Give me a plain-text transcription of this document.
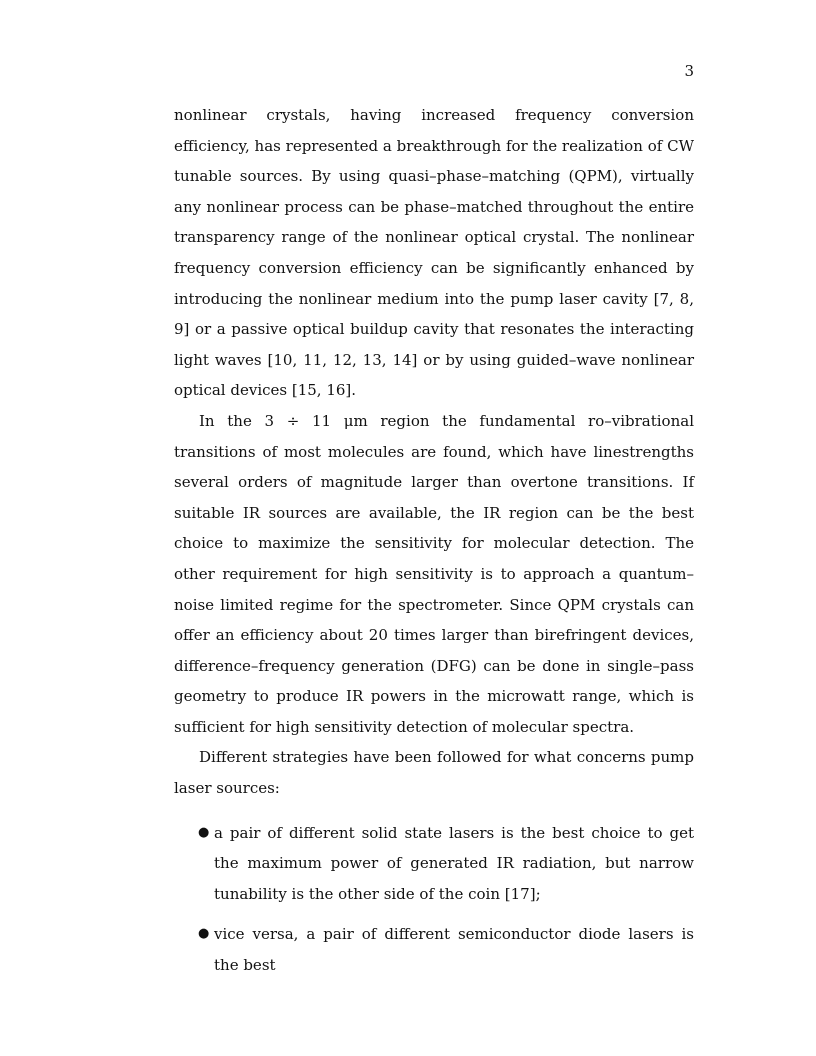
3

nonlinear crystals, having increased frequency conversion efficiency, has represented a breakthrough for the realization of CW tunable sources. By using quasi–phase–matching (QPM), virtually any nonlinear process can be phase–matched throughout the entire transparency range of the nonlinear optical crystal. The nonlinear frequency conversion efficiency can be significantly enhanced by introducing the nonlinear medium into the pump laser cavity [7, 8, 9] or a passive optical buildup cavity that resonates the interacting light waves [10, 11, 12, 13, 14] or by using guided–wave nonlinear optical devices [15, 16].

In the 3 ÷ 11 μm region the fundamental ro–vibrational transitions of most molecules are found, which have linestrengths several orders of magnitude larger than overtone transitions. If suitable IR sources are available, the IR region can be the best choice to maximize the sensitivity for molecular detection. The other requirement for high sensitivity is to approach a quantum–noise limited regime for the spectrometer. Since QPM crystals can offer an efficiency about 20 times larger than birefringent devices, difference–frequency generation (DFG) can be done in single–pass geometry to produce IR powers in the microwatt range, which is sufficient for high sensitivity detection of molecular spectra.

Different strategies have been followed for what concerns pump laser sources:

● a pair of different solid state lasers is the best choice to get the maximum power of generated IR radiation, but narrow tunability is the other side of the coin [17];
● vice versa, a pair of different semiconductor diode lasers is the best
